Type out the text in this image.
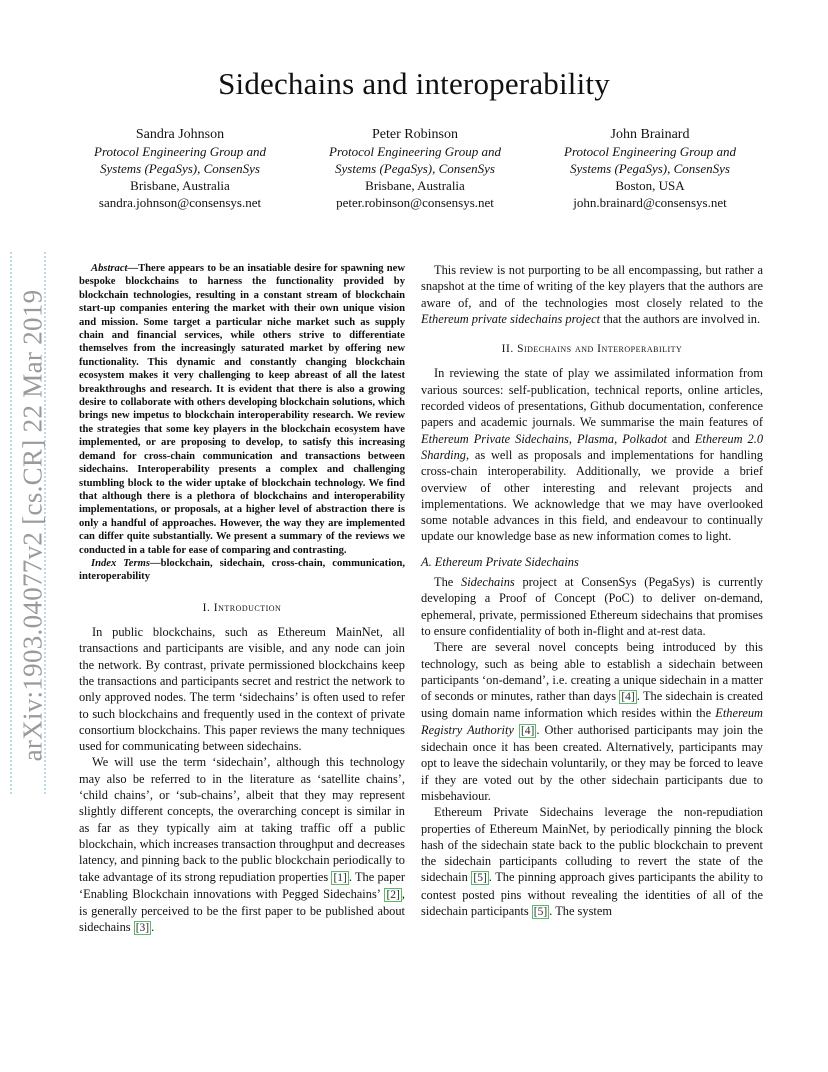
arXiv:1903.04077v2 [cs.CR] 22 Mar 2019
Sidechains and interoperability
Sandra Johnson
Protocol Engineering Group and
Systems (PegaSys), ConsenSys
Brisbane, Australia
sandra.johnson@consensys.net
Peter Robinson
Protocol Engineering Group and
Systems (PegaSys), ConsenSys
Brisbane, Australia
peter.robinson@consensys.net
John Brainard
Protocol Engineering Group and
Systems (PegaSys), ConsenSys
Boston, USA
john.brainard@consensys.net

Abstract—There appears to be an insatiable desire for spawning new bespoke blockchains to harness the functionality provided by blockchain technologies, resulting in a constant stream of blockchain start-up companies entering the market with their own unique vision and mission. Some target a particular niche market such as supply chain and financial services, while others strive to differentiate themselves from the increasingly saturated market by offering new functionality. This dynamic and constantly changing blockchain ecosystem makes it very challenging to keep abreast of all the latest breakthroughs and research. It is evident that there is also a growing desire to collaborate with others developing blockchain solutions, which brings new impetus to blockchain interoperability research. We review the strategies that some key players in the blockchain ecosystem have implemented, or are proposing to develop, to satisfy this increasing demand for cross-chain communication and transactions between sidechains. Interoperability presents a complex and challenging stumbling block to the wider uptake of blockchain technology. We find that although there is a plethora of blockchains and interoperability implementations, or proposals, at a higher level of abstraction there is only a handful of approaches. However, the way they are implemented can differ quite substantially. We present a summary of the reviews we conducted in a table for ease of comparing and contrasting.

Index Terms—blockchain, sidechain, cross-chain, communication, interoperability

I. Introduction

In public blockchains, such as Ethereum MainNet, all transactions and participants are visible, and any node can join the network. By contrast, private permissioned blockchains keep the transactions and participants secret and restrict the network to only approved nodes. The term ‘sidechains’ is often used to refer to such blockchains and frequently used in the context of private consortium blockchains. This paper reviews the many techniques used for communicating between sidechains.

We will use the term ‘sidechain’, although this technology may also be referred to in the literature as ‘satellite chains’, ‘child chains’, or ‘sub-chains’, albeit that they may represent slightly different concepts, the overarching concept is similar in as far as they typically aim at taking traffic off a public blockchain, which increases transaction throughput and decreases latency, and pinning back to the public blockchain periodically to take advantage of its strong repudiation properties [1] . The paper ‘Enabling Blockchain innovations with Pegged Sidechains’ [2] , is generally perceived to be the first paper to be published about sidechains [3] .

This review is not purporting to be all encompassing, but rather a snapshot at the time of writing of the key players that the authors are aware of, and of the technologies most closely related to the Ethereum private sidechains project that the authors are involved in.

II. Sidechains and Interoperability

In reviewing the state of play we assimilated information from various sources: self-publication, technical reports, online articles, recorded videos of presentations, Github documentation, conference papers and academic journals. We summarise the main features of Ethereum Private Sidechains, Plasma, Polkadot and Ethereum 2.0 Sharding, as well as proposals and implementations for handling cross-chain interoperability. Additionally, we provide a brief overview of other interesting and relevant projects and implementations. We acknowledge that we may have overlooked some notable advances in this field, and endeavour to continually update our knowledge base as new information comes to light.

A. Ethereum Private Sidechains

The Sidechains project at ConsenSys (PegaSys) is currently developing a Proof of Concept (PoC) to deliver on-demand, ephemeral, private, permissioned Ethereum sidechains that promises to ensure confidentiality of both in-flight and at-rest data.

There are several novel concepts being introduced by this technology, such as being able to establish a sidechain between participants ‘on-demand’, i.e. creating a unique sidechain in a matter of seconds or minutes, rather than days [4] . The sidechain is created using domain name information which resides within the Ethereum Registry Authority [4] . Other authorised participants may join the sidechain once it has been created. Alternatively, participants may opt to leave the sidechain voluntarily, or they may be forced to leave if they are voted out by the other sidechain participants due to misbehaviour.

Ethereum Private Sidechains leverage the non-repudiation properties of Ethereum MainNet, by periodically pinning the block hash of the sidechain state back to the public blockchain to prevent the sidechain participants colluding to revert the state of the sidechain [5] . The pinning approach gives participants the ability to contest posted pins without revealing the identities of all of the sidechain participants [5] . The system
